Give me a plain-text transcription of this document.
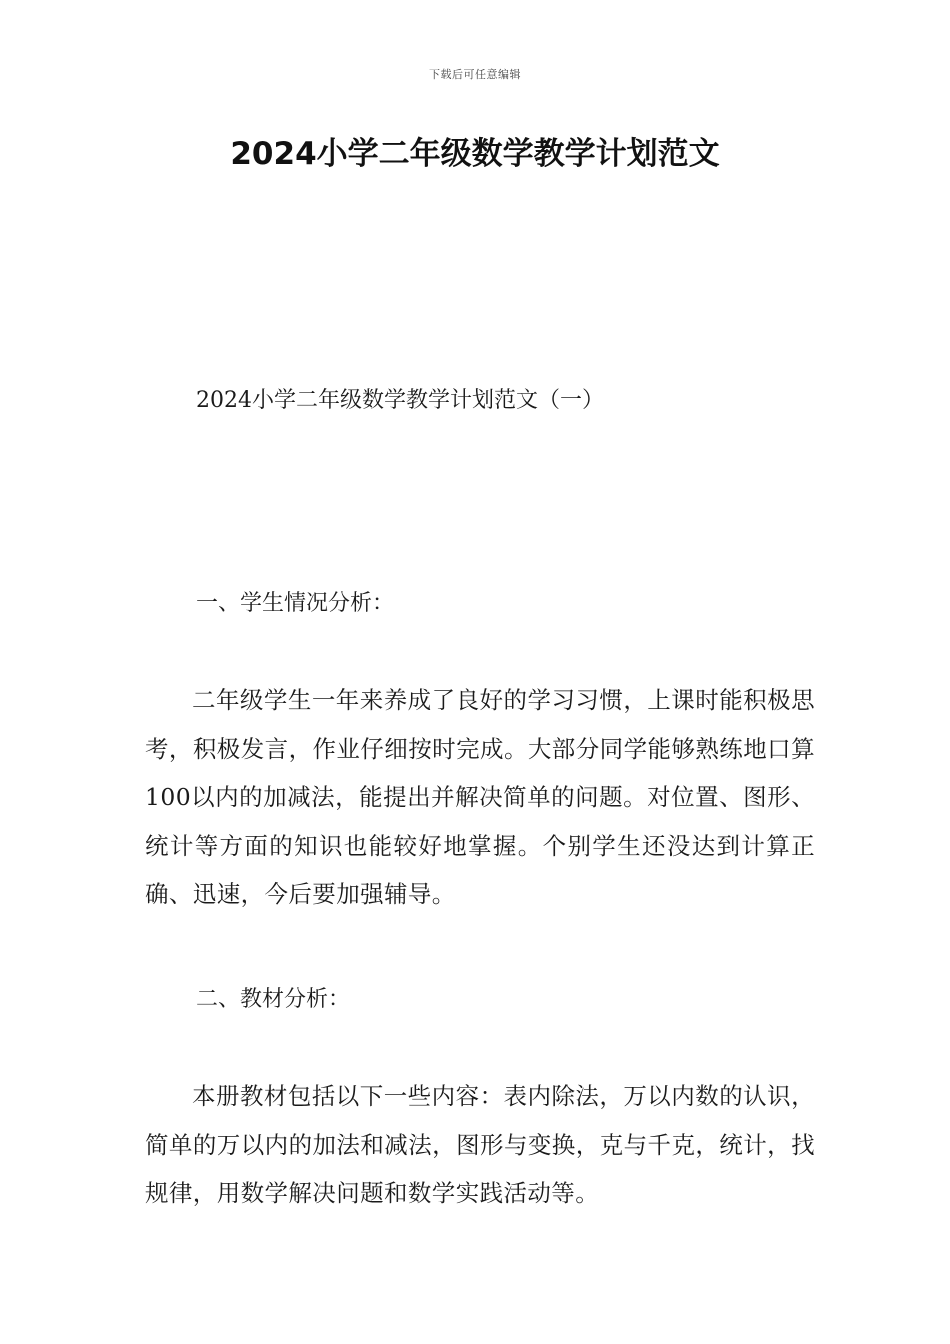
下载后可任意编辑
2024小学二年级数学教学计划范文
2024小学二年级数学教学计划范文（一）
一、学生情况分析：
二年级学生一年来养成了良好的学习习惯，上课时能积极思考，积极发言，作业仔细按时完成。大部分同学能够熟练地口算100以内的加减法，能提出并解决简单的问题。对位置、图形、统计等方面的知识也能较好地掌握。个别学生还没达到计算正确、迅速，今后要加强辅导。
二、教材分析：
本册教材包括以下一些内容：表内除法，万以内数的认识，简单的万以内的加法和减法，图形与变换，克与千克，统计，找规律，用数学解决问题和数学实践活动等。
